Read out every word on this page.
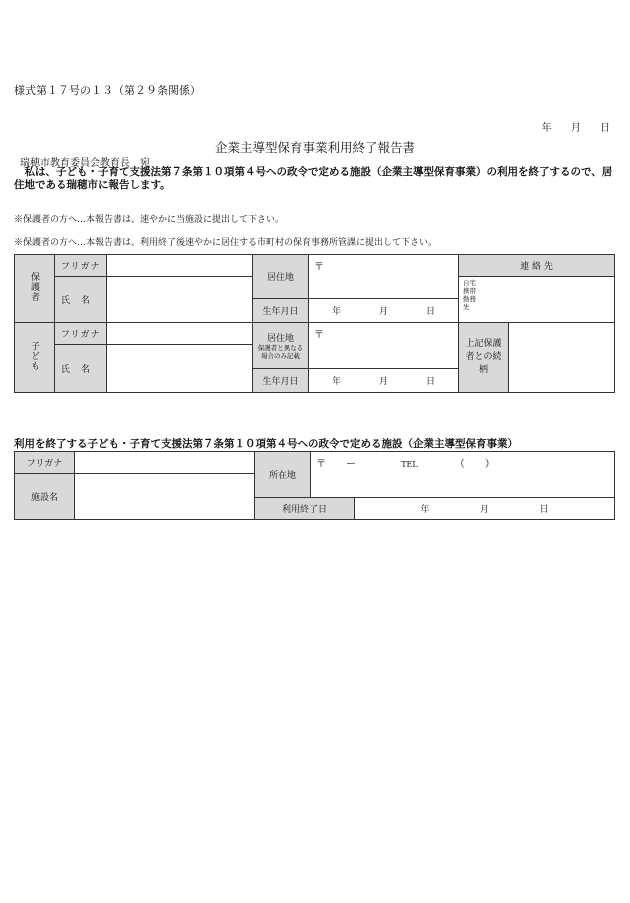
様式第１７号の１３（第２９条関係）
年 月 日
企業主導型保育事業利用終了報告書
瑞穂市教育委員会教育長　宛
　私は、子ども・子育て支援法第７条第１０項第４号への政令で定める施設（企業主導型保育事業）の利用を終了するので、居住地である瑞穂市に報告します。
※保護者の方へ…本報告書は、速やかに当施設に提出して下さい。
※保護者の方へ…本報告書は、利用終了後速やかに居住する市町村の保育事務所管課に提出して下さい。
保護者	フリガナ		居住地	〒	連 絡 先	
	氏　名				自宅
携帯
勤務
先	

			生年月日	年 月 日		

子ども	フリガナ		居住地
保護者と異なる場合のみ記載	〒	上記保護者との続柄	
	氏　名					
			生年月日	年 月 日		
利用を終了する子ども・子育て支援法第７条第１０項第４号への政令で定める施設（企業主導型保育事業）
フリガナ		所在地	〒　　ー TEL （　　）	
施設名				
		利用終了日		年 月 日
